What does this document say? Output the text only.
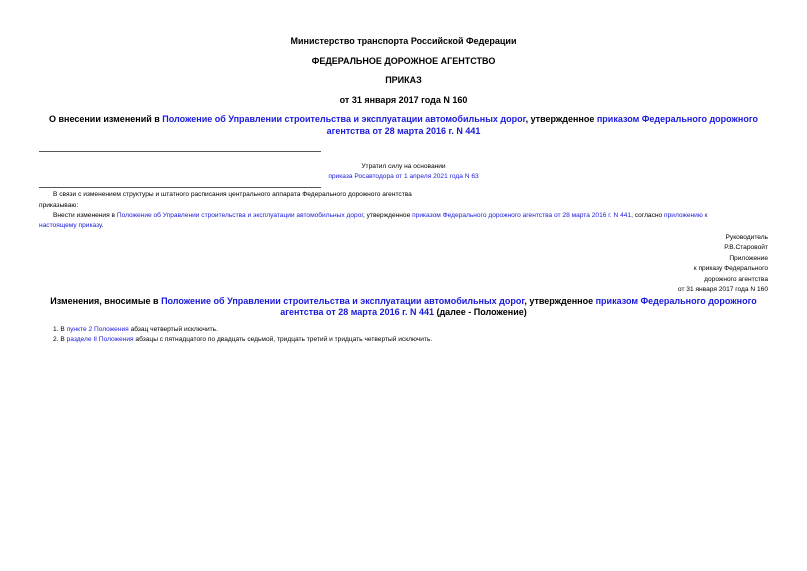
Министерство транспорта Российской Федерации
ФЕДЕРАЛЬНОЕ ДОРОЖНОЕ АГЕНТСТВО
ПРИКАЗ
от 31 января 2017 года N 160
О внесении изменений в Положение об Управлении строительства и эксплуатации автомобильных дорог, утвержденное приказом Федерального дорожного
агентства от 28 марта 2016 г. N 441
Утратил силу на основании
приказа Росавтодора от 1 апреля 2021 года N 63
В связи с изменением структуры и штатного расписания центрального аппарата Федерального дорожного агентства
приказываю:
Внести изменения в Положение об Управлении строительства и эксплуатации автомобильных дорог, утвержденное приказом Федерального дорожного агентства от 28 марта 2016 г. N 441, согласно приложению к
настоящему приказу.
Руководитель
Р.В.Старовойт
Приложение
к приказу Федерального
дорожного агентства
от 31 января 2017 года N 160
Изменения, вносимые в Положение об Управлении строительства и эксплуатации автомобильных дорог, утвержденное приказом Федерального дорожного
агентства от 28 марта 2016 г. N 441 (далее - Положение)
1. В пункте 2 Положения абзац четвертый исключить.
2. В разделе II Положения абзацы с пятнадцатого по двадцать седьмой, тридцать третий и тридцать четвертый исключить.
